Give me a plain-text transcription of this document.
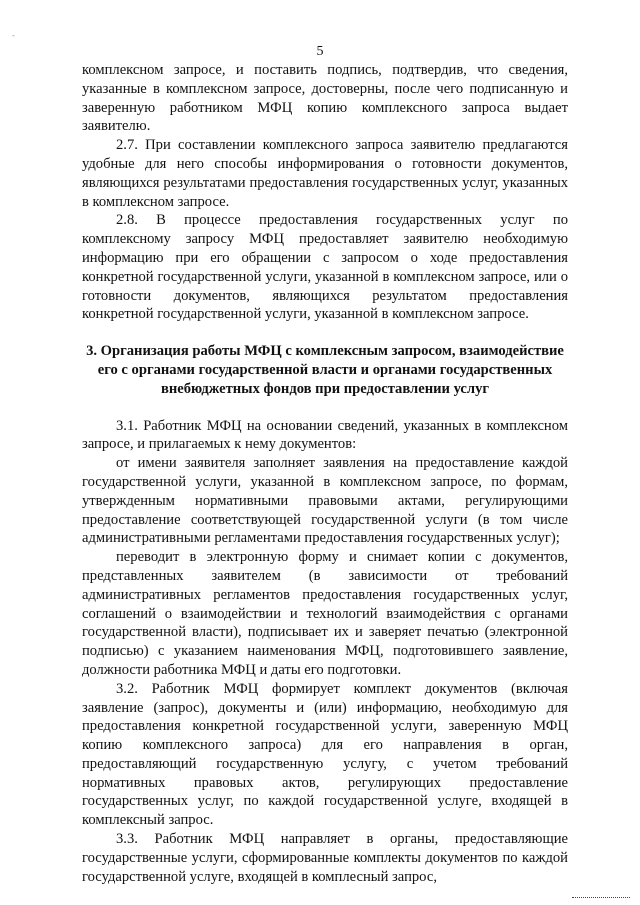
-
5

комплексном запросе, и поставить подпись, подтвердив, что сведения, указанные в комплексном запросе, достоверны, после чего подписанную и заверенную работником МФЦ копию комплексного запроса выдает заявителю.

2.7. При составлении комплексного запроса заявителю предлагаются удобные для него способы информирования о готовности документов, являющихся результатами предоставления государственных услуг, указанных в комплексном запросе.

2.8. В процессе предоставления государственных услуг по комплексному запросу МФЦ предоставляет заявителю необходимую информацию при его обращении с запросом о ходе предоставления конкретной государственной услуги, указанной в комплексном запросе, или о готовности документов, являющихся результатом предоставления конкретной государственной услуги, указанной в комплексном запросе.

3. Организация работы МФЦ с комплексным запросом, взаимодействие его с органами государственной власти и органами государственных внебюджетных фондов при предоставлении услуг

3.1. Работник МФЦ на основании сведений, указанных в комплексном запросе, и прилагаемых к нему документов:

от имени заявителя заполняет заявления на предоставление каждой государственной услуги, указанной в комплексном запросе, по формам, утвержденным нормативными правовыми актами, регулирующими предоставление соответствующей государственной услуги (в том числе административными регламентами предоставления государственных услуг);

переводит в электронную форму и снимает копии с документов, представленных заявителем (в зависимости от требований административных регламентов предоставления государственных услуг, соглашений о взаимодействии и технологий взаимодействия с органами государственной власти), подписывает их и заверяет печатью (электронной подписью) с указанием наименования МФЦ, подготовившего заявление, должности работника МФЦ и даты его подготовки.

3.2. Работник МФЦ формирует комплект документов (включая заявление (запрос), документы и (или) информацию, необходимую для предоставления конкретной государственной услуги, заверенную МФЦ копию комплексного запроса) для его направления в орган, предоставляющий государственную услугу, с учетом требований нормативных правовых актов, регулирующих предоставление государственных услуг, по каждой государственной услуге, входящей в комплексный запрос.

3.3. Работник МФЦ направляет в органы, предоставляющие государственные услуги, сформированные комплекты документов по каждой государственной услуге, входящей в комплесный запрос,
